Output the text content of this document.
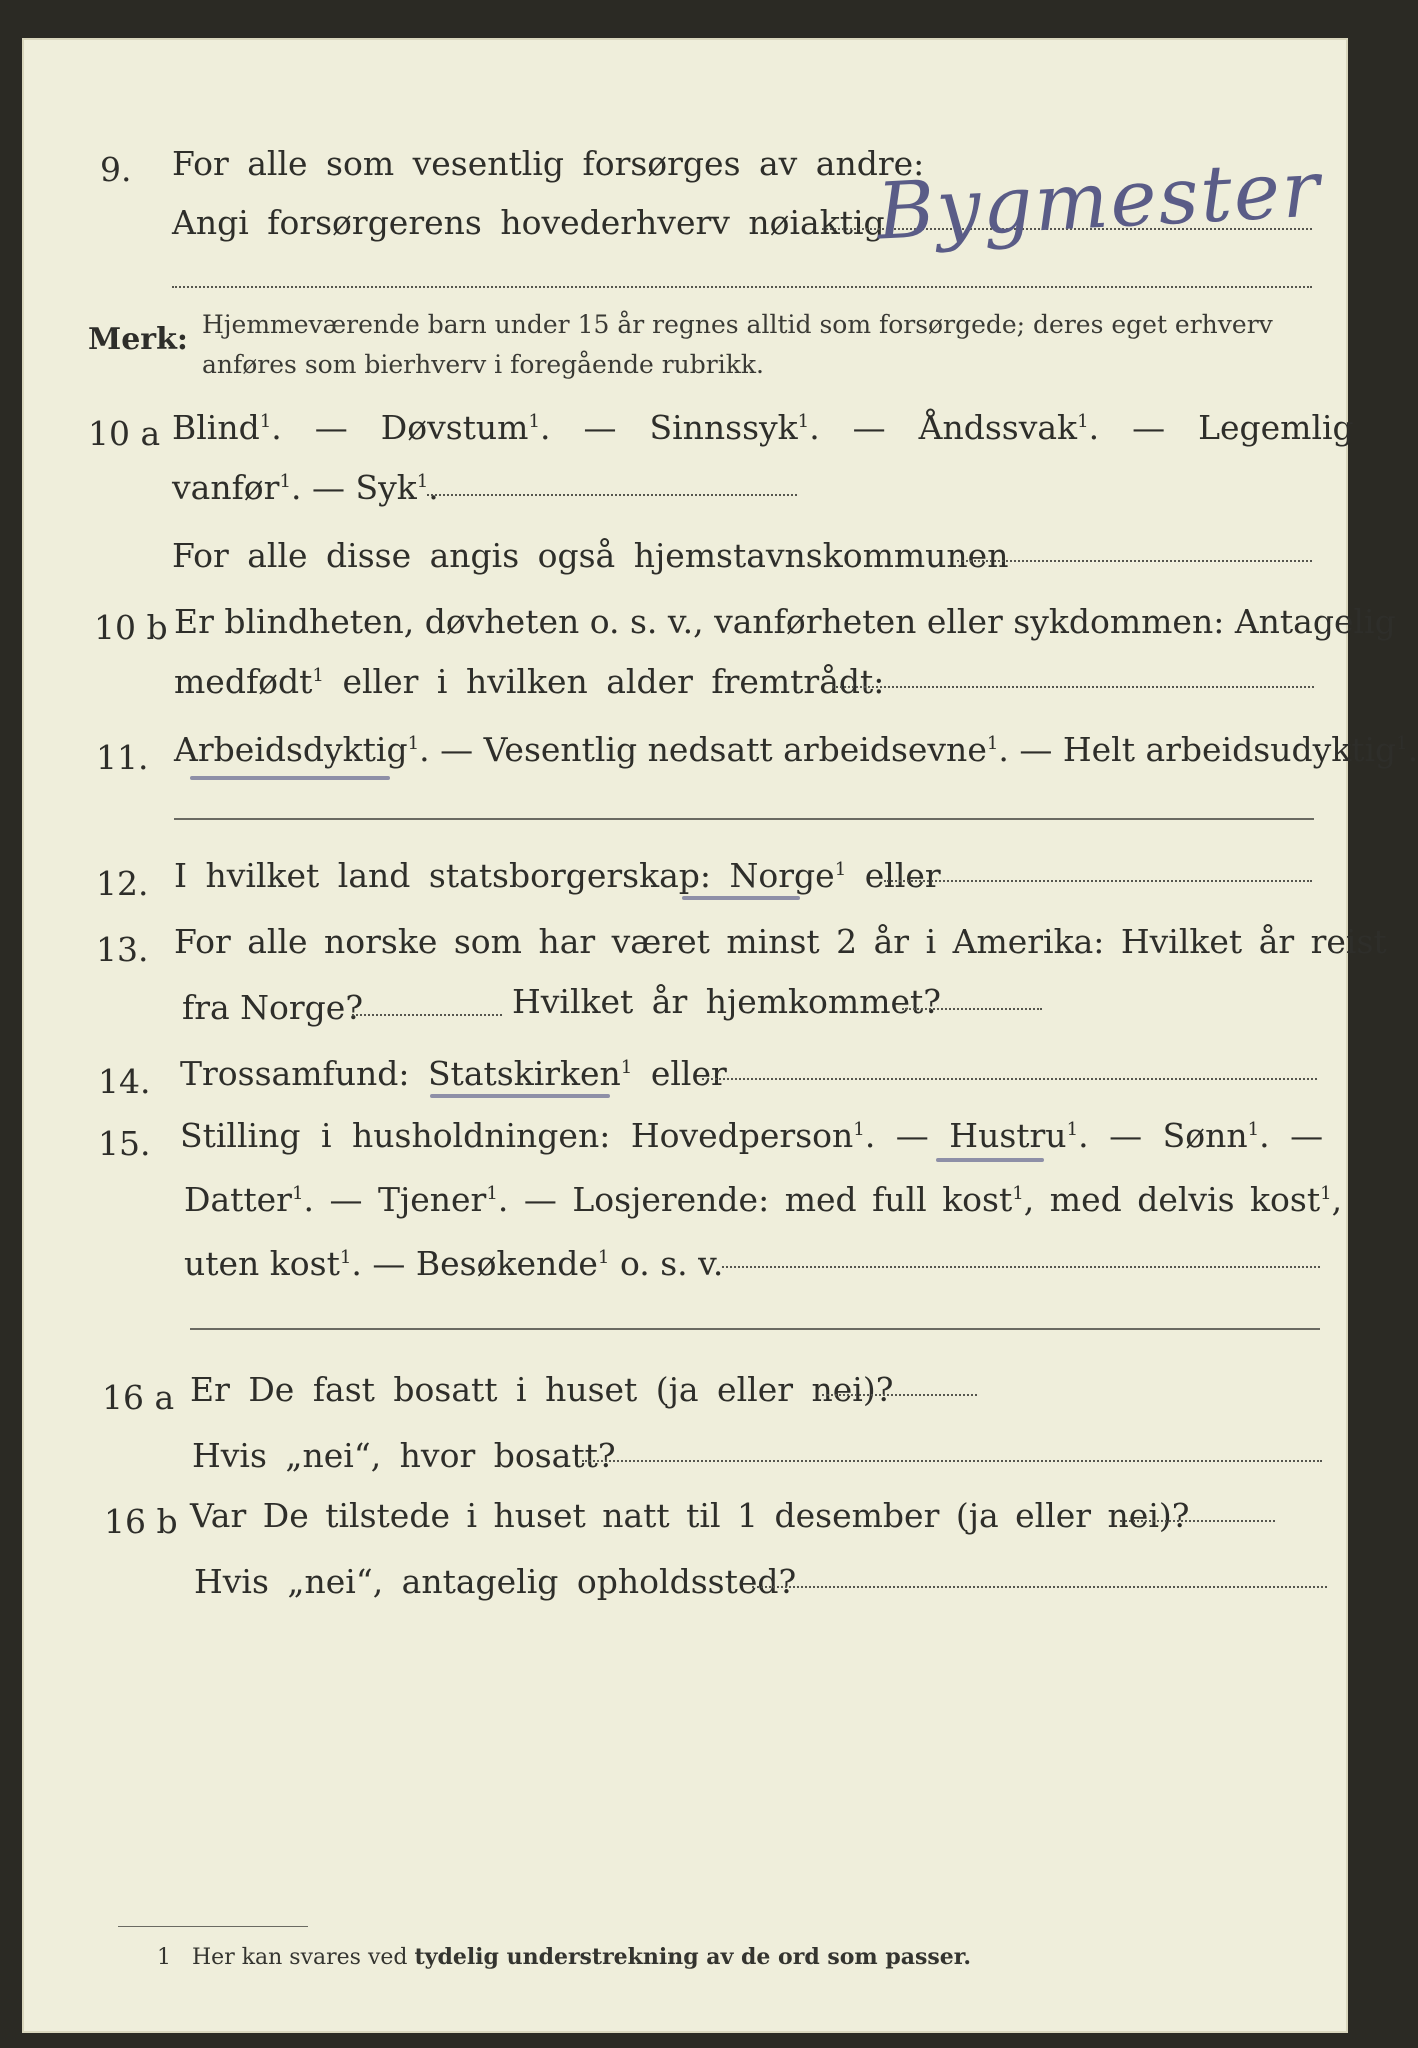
9. For alle som vesentlig forsørges av andre:
Angi forsørgerens hovederhverv nøiaktig
Bygmester
Merk: Hjemmeværende barn under 15 år regnes alltid som forsørgede; deres eget erhverv
anføres som bierhverv i foregående rubrikk.
10 a Blind$^1$.  —  Døvstum$^1$.  —  Sinnssyk$^1$.  —  Åndssvak$^1$.  —  Legemlig
vanfør$^1$. — Syk$^1$.
For alle disse angis også hjemstavnskommunen
10 b Er blindheten, døvheten o. s. v., vanførheten eller sykdommen: Antagelig
medfødt$^1$ eller i hvilken alder fremtrådt:
11. Arbeidsdyktig$^1$. — Vesentlig nedsatt arbeidsevne$^1$. — Helt arbeidsudyktig$^1$.
12. I hvilket land statsborgerskap: Norge$^1$ eller
13. For alle norske som har været minst 2 år i Amerika: Hvilket år reist
fra Norge?	Hvilket år hjemkommet?
14. Trossamfund: Statskirken$^1$ eller
15. Stilling i husholdningen: Hovedperson$^1$. — Hustru$^1$. — Sønn$^1$. —
Datter$^1$. — Tjener$^1$. — Losjerende: med full kost$^1$, med delvis kost$^1$,
uten kost$^1$. — Besøkende$^1$ o. s. v.
16 a Er De fast bosatt i huset (ja eller nei)?
Hvis „nei“, hvor bosatt?
16 b Var De tilstede i huset natt til 1 desember (ja eller nei)?
Hvis „nei“, antagelig opholdssted?
1 Her kan svares ved tydelig understrekning av de ord som passer.
